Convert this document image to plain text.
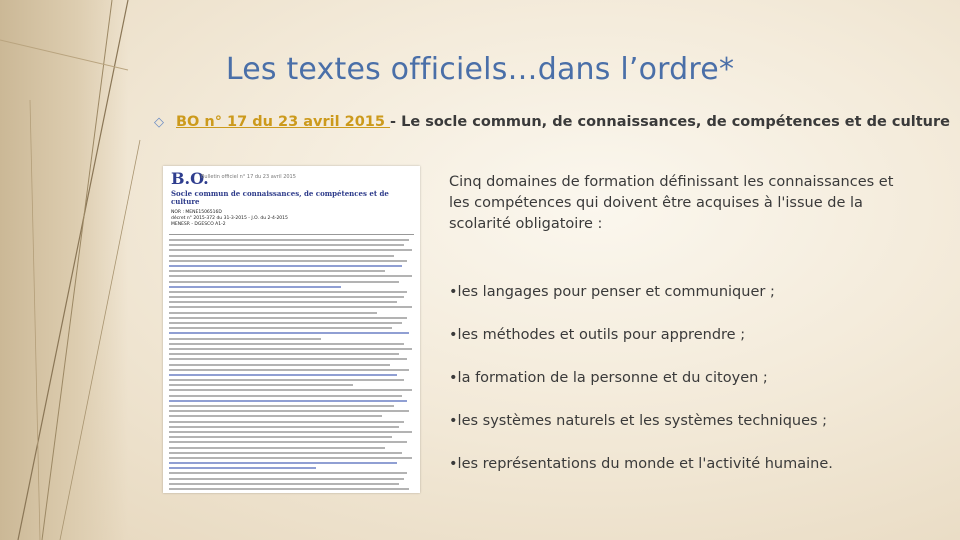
Les textes officiels…dans l’ordre*
◇ BO n° 17 du 23 avril 2015 - Le socle commun, de connaissances, de compétences et de culture
B.O.
Bulletin officiel n° 17 du 23 avril 2015
Socle commun de connaissances, de compétences et de culture
NOR : MENE1506516D
décret n° 2015-372 du 31-3-2015 - J.O. du 2-4-2015
MENESR - DGESCO A1-2

Cinq domaines de formation définissant les connaissances et les compétences qui doivent être acquises à l'issue de la scolarité obligatoire :

•les langages pour penser et communiquer ;
•les méthodes et outils pour apprendre ;
•la formation de la personne et du citoyen ;
•les systèmes naturels et les systèmes techniques ;
•les représentations du monde et l'activité humaine.
